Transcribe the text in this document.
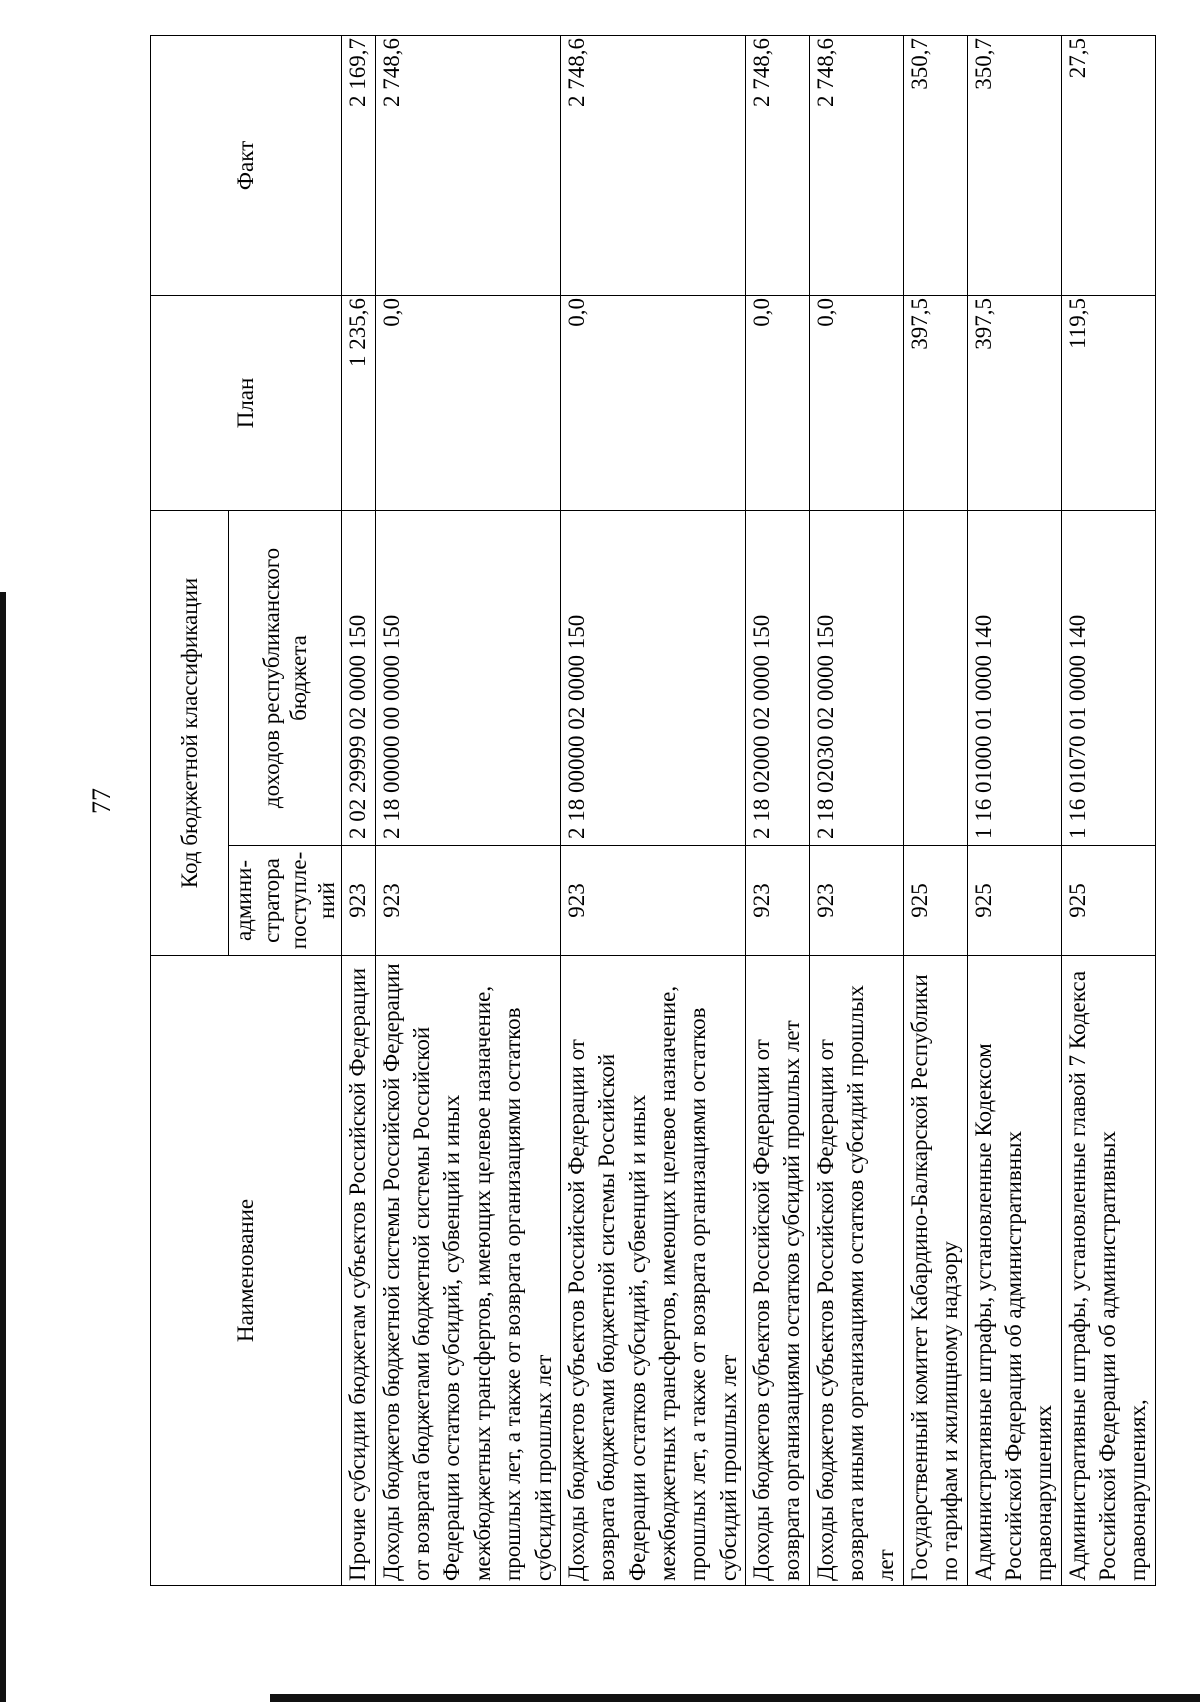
77
Наименование	Код бюджетной классификации		План	Факт
	админи-стратора поступле-ний	доходов республиканского бюджета		
Прочие субсидии бюджетам субъектов Российской Федерации	923	2 02 29999 02 0000 150	1 235,6	2 169,7
Доходы бюджетов бюджетной системы Российской Федерации от возврата бюджетами бюджетной системы Российской Федерации остатков субсидий, субвенций и иных межбюджетных трансфертов, имеющих целевое назначение, прошлых лет, а также от возврата организациями остатков субсидий прошлых лет	923	2 18 00000 00 0000 150	0,0	2 748,6
Доходы бюджетов субъектов Российской Федерации от возврата бюджетами бюджетной системы Российской Федерации остатков субсидий, субвенций и иных межбюджетных трансфертов, имеющих целевое назначение, прошлых лет, а также от возврата организациями остатков субсидий прошлых лет	923	2 18 00000 02 0000 150	0,0	2 748,6
Доходы бюджетов субъектов Российской Федерации от возврата организациями остатков субсидий прошлых лет	923	2 18 02000 02 0000 150	0,0	2 748,6
Доходы бюджетов субъектов Российской Федерации от возврата иными организациями остатков субсидий прошлых лет	923	2 18 02030 02 0000 150	0,0	2 748,6
Государственный комитет Кабардино-Балкарской Республики по тарифам и жилищному надзору	925		397,5	350,7
Административные штрафы, установленные Кодексом Российской Федерации об административных правонарушениях	925	1 16 01000 01 0000 140	397,5	350,7
Административные штрафы, установленные главой 7 Кодекса Российской Федерации об административных правонарушениях,	925	1 16 01070 01 0000 140	119,5	27,5
